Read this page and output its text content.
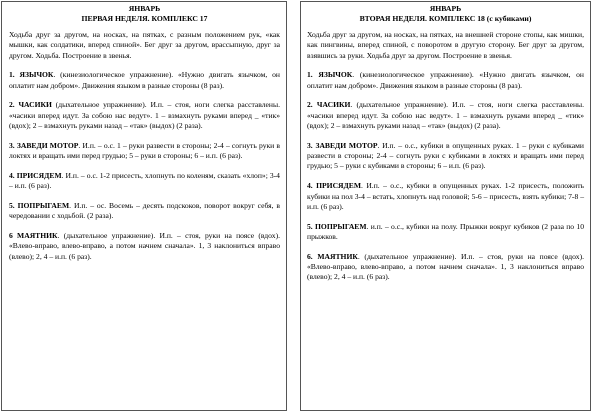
ЯНВАРЬ
ПЕРВАЯ НЕДЕЛЯ. КОМПЛЕКС 17

Ходьба друг за другом, на носках, на пятках, с разным положением рук, «как мышки, как солдатики, вперед спиной». Бег друг за другом, врассыпную, друг за другом. Ходьба. Построение в звенья.

1. ЯЗЫЧОК. (кинезиологическое упражнение). «Нужно двигать язычком, он оплатит нам добром». Движения языком в разные стороны (8 раз).

2. ЧАСИКИ (дыхательное упражнение). И.п. – стоя, ноги слегка расставлены. «часики вперед идут. За собою нас ведут». 1 – взмахнуть руками вперед _ «тик» (вдох); 2 – взмахнуть руками назад – «так» (выдох) (2 раза).

3. ЗАВЕДИ МОТОР. И.п. – о.с. 1 – руки развести в стороны; 2-4 – согнуть руки в локтях и вращать ими перед грудью; 5 – руки в стороны; 6 – и.п. (6 раз).

4. ПРИСЯДЕМ. И.п. – о.с. 1-2 присесть, хлопнуть по коленям, сказать «хлоп»; 3-4 – и.п. (6 раз).

5. ПОПРЫГАЕМ. И.п. – ос. Восемь – десять подскоков, поворот вокруг себя, в чередовании с ходьбой. (2 раза).

6 МАЯТНИК. (дыхательное упражнение). И.п. – стоя, руки на поясе (вдох). «Влево-вправо, влево-вправо, а потом начнем сначала». 1, 3 наклониться вправо (влево); 2, 4 – и.п. (6 раз).

ЯНВАРЬ
ВТОРАЯ НЕДЕЛЯ. КОМПЛЕКС 18 (с кубиками)

Ходьба друг за другом, на носках, на пятках, на внешней стороне стопы, как мишки, как пингвины, вперед спиной, с поворотом в другую сторону. Бег друг за другом, взявшись за руки. Ходьба друг за другом. Построение в звенья.

1. ЯЗЫЧОК. (кинезиологическое упражнение). «Нужно двигать язычком, он оплатит нам добром». Движения языком в разные стороны (8 раз).

2. ЧАСИКИ. (дыхательное упражнение). И.п. – стоя, ноги слегка расставлены. «часики вперед идут. За собою нас ведут». 1 – взмахнуть руками вперед _ «тик» (вдох); 2 – взмахнуть руками назад – «так» (выдох) (2 раза).

3. ЗАВЕДИ МОТОР. И.п. – о.с., кубики в опущенных руках. 1 – руки с кубиками развести в стороны; 2-4 – согнуть руки с кубиками в локтях и вращать ими перед грудью; 5 – руки с кубиками в стороны; 6 – и.п. (6 раз).

4. ПРИСЯДЕМ. И.п. – о.с., кубики в опущенных руках. 1-2 присесть, положить кубики на пол 3-4 – встать, хлопнуть над головой; 5-6 – присесть, взять кубики; 7-8 – и.п. (6 раз).

5. ПОПРЫГАЕМ. и.п. – о.с., кубики на полу. Прыжки вокруг кубиков (2 раза по 10 прыжков.

6. МАЯТНИК. (дыхательное упражнение). И.п. – стоя, руки на поясе (вдох). «Влево-вправо, влево-вправо, а потом начнем сначала». 1, 3 наклониться вправо (влево); 2, 4 – и.п. (6 раз).
